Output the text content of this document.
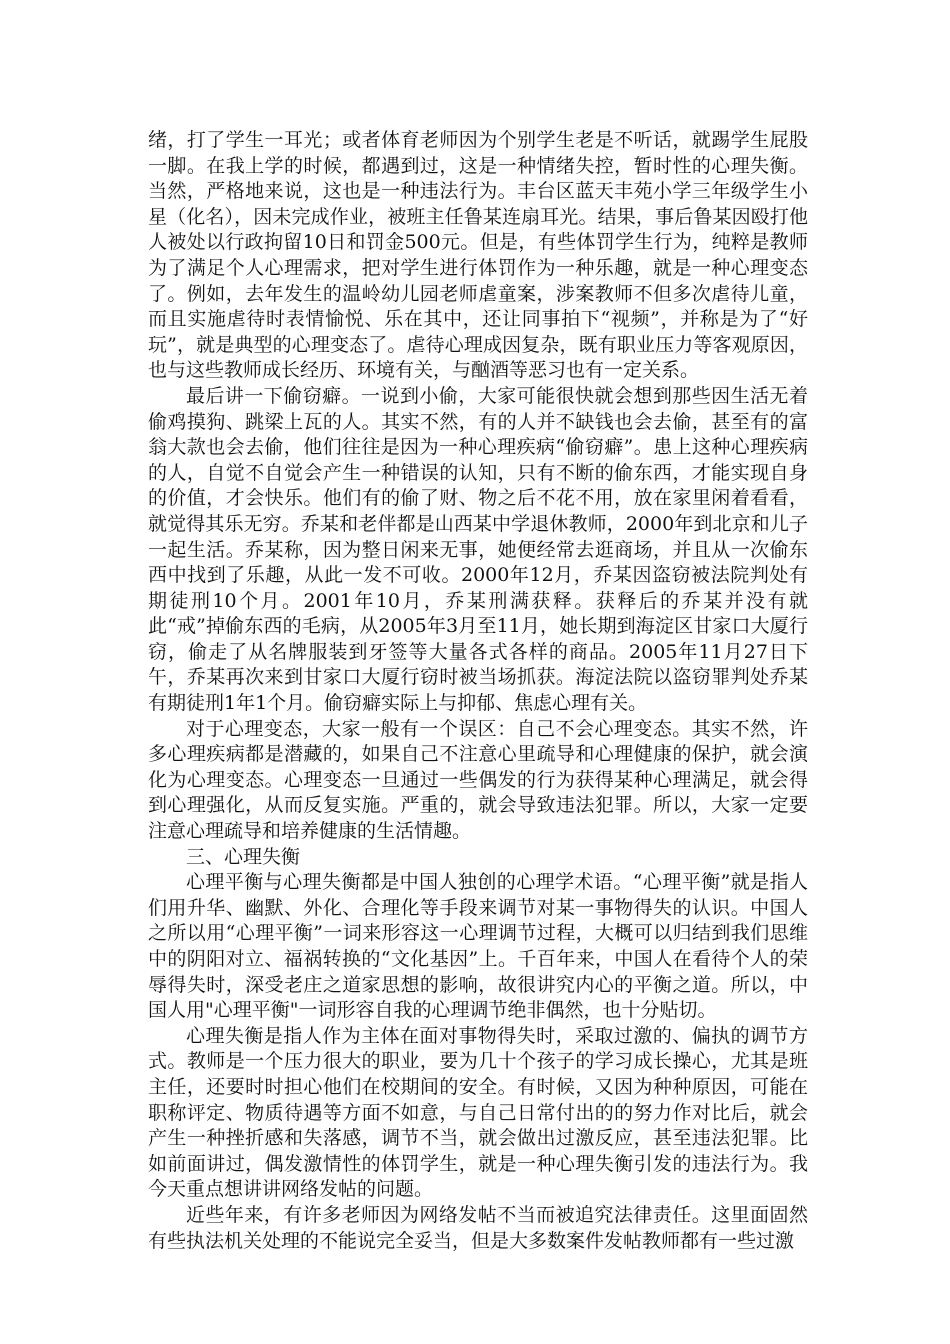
绪，打了学生一耳光；或者体育老师因为个别学生老是不听话，就踢学生屁股一脚。在我上学的时候，都遇到过，这是一种情绪失控，暂时性的心理失衡。当然，严格地来说，这也是一种违法行为。丰台区蓝天丰苑小学三年级学生小星（化名），因未完成作业，被班主任鲁某连扇耳光。结果，事后鲁某因殴打他人被处以行政拘留10日和罚金500元。但是，有些体罚学生行为，纯粹是教师为了满足个人心理需求，把对学生进行体罚作为一种乐趣，就是一种心理变态了。例如，去年发生的温岭幼儿园老师虐童案，涉案教师不但多次虐待儿童，而且实施虐待时表情愉悦、乐在其中，还让同事拍下“视频”，并称是为了“好玩”，就是典型的心理变态了。虐待心理成因复杂，既有职业压力等客观原因，也与这些教师成长经历、环境有关，与酗酒等恶习也有一定关系。

最后讲一下偷窃癖。一说到小偷，大家可能很快就会想到那些因生活无着偷鸡摸狗、跳梁上瓦的人。其实不然，有的人并不缺钱也会去偷，甚至有的富翁大款也会去偷，他们往往是因为一种心理疾病“偷窃癖”。患上这种心理疾病的人，自觉不自觉会产生一种错误的认知，只有不断的偷东西，才能实现自身的价值，才会快乐。他们有的偷了财、物之后不花不用，放在家里闲着看看，就觉得其乐无穷。乔某和老伴都是山西某中学退休教师，2000年到北京和儿子一起生活。乔某称，因为整日闲来无事，她便经常去逛商场，并且从一次偷东西中找到了乐趣，从此一发不可收。2000年12月，乔某因盗窃被法院判处有期徒刑10个月。2001年10月，乔某刑满获释。获释后的乔某并没有就此“戒”掉偷东西的毛病，从2005年3月至11月，她长期到海淀区甘家口大厦行窃，偷走了从名牌服装到牙签等大量各式各样的商品。2005年11月27日下午，乔某再次来到甘家口大厦行窃时被当场抓获。海淀法院以盗窃罪判处乔某有期徒刑1年1个月。偷窃癖实际上与抑郁、焦虑心理有关。

对于心理变态，大家一般有一个误区：自己不会心理变态。其实不然，许多心理疾病都是潜藏的，如果自己不注意心里疏导和心理健康的保护，就会演化为心理变态。心理变态一旦通过一些偶发的行为获得某种心理满足，就会得到心理强化，从而反复实施。严重的，就会导致违法犯罪。所以，大家一定要注意心理疏导和培养健康的生活情趣。

三、心理失衡

心理平衡与心理失衡都是中国人独创的心理学术语。“心理平衡”就是指人们用升华、幽默、外化、合理化等手段来调节对某一事物得失的认识。中国人之所以用“心理平衡”一词来形容这一心理调节过程，大概可以归结到我们思维中的阴阳对立、福祸转换的“文化基因”上。千百年来，中国人在看待个人的荣辱得失时，深受老庄之道家思想的影响，故很讲究内心的平衡之道。所以，中国人用"心理平衡"一词形容自我的心理调节绝非偶然，也十分贴切。

心理失衡是指人作为主体在面对事物得失时，采取过激的、偏执的调节方式。教师是一个压力很大的职业，要为几十个孩子的学习成长操心，尤其是班主任，还要时时担心他们在校期间的安全。有时候，又因为种种原因，可能在职称评定、物质待遇等方面不如意，与自己日常付出的的努力作对比后，就会产生一种挫折感和失落感，调节不当，就会做出过激反应，甚至违法犯罪。比如前面讲过，偶发激情性的体罚学生，就是一种心理失衡引发的违法行为。我今天重点想讲讲网络发帖的问题。

近些年来，有许多老师因为网络发帖不当而被追究法律责任。这里面固然有些执法机关处理的不能说完全妥当，但是大多数案件发帖教师都有一些过激
